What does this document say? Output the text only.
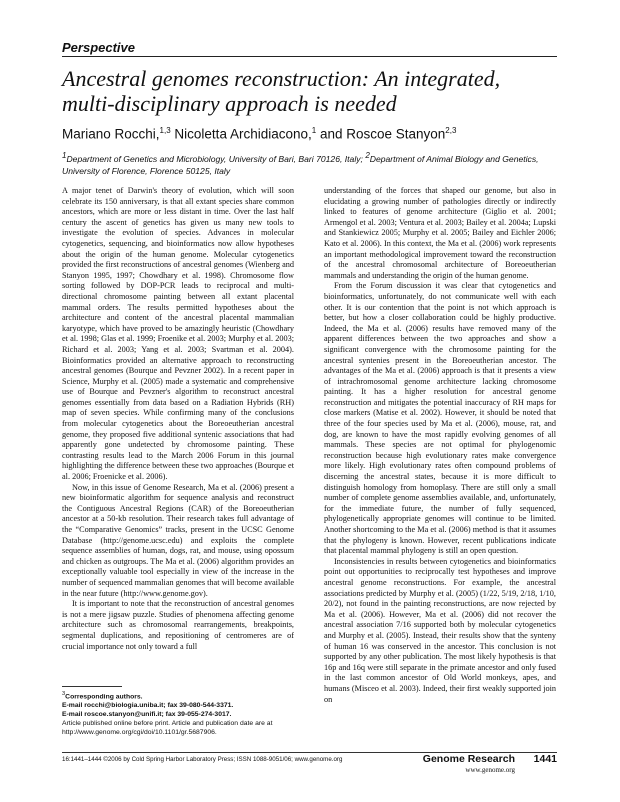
Perspective
Ancestral genomes reconstruction: An integrated, multi-disciplinary approach is needed
Mariano Rocchi,$^{1,3}$ Nicoletta Archidiacono,$^1$ and Roscoe Stanyon$^{2,3}$
$^1$Department of Genetics and Microbiology, University of Bari, Bari 70126, Italy; $^2$Department of Animal Biology and Genetics, University of Florence, Florence 50125, Italy

A major tenet of Darwin's theory of evolution, which will soon celebrate its 150 anniversary, is that all extant species share common ancestors, which are more or less distant in time. Over the last half century the ascent of genetics has given us many new tools to investigate the evolution of species. Advances in molecular cytogenetics, sequencing, and bioinformatics now allow hypotheses about the origin of the human genome. Molecular cytogenetics provided the first reconstructions of ancestral genomes (Wienberg and Stanyon 1995, 1997; Chowdhary et al. 1998). Chromosome flow sorting followed by DOP-PCR leads to reciprocal and multi-directional chromosome painting between all extant placental mammal orders. The results permitted hypotheses about the architecture and content of the ancestral placental mammalian karyotype, which have proved to be amazingly heuristic (Chowdhary et al. 1998; Glas et al. 1999; Froenike et al. 2003; Murphy et al. 2003; Richard et al. 2003; Yang et al. 2003; Svartman et al. 2004). Bioinformatics provided an alternative approach to reconstructing ancestral genomes (Bourque and Pevzner 2002). In a recent paper in Science, Murphy et al. (2005) made a systematic and comprehensive use of Bourque and Pevzner's algorithm to reconstruct ancestral genomes essentially from data based on a Radiation Hybrids (RH) map of seven species. While confirming many of the conclusions from molecular cytogenetics about the Boreoeutherian ancestral genome, they proposed five additional syntenic associations that had apparently gone undetected by chromosome painting. These contrasting results lead to the March 2006 Forum in this journal highlighting the difference between these two approaches (Bourque et al. 2006; Froenicke et al. 2006).

Now, in this issue of Genome Research, Ma et al. (2006) present a new bioinformatic algorithm for sequence analysis and reconstruct the Contiguous Ancestral Regions (CAR) of the Boreoeutherian ancestor at a 50-kb resolution. Their research takes full advantage of the “Comparative Genomics” tracks, present in the UCSC Genome Database (http://genome.ucsc.edu) and exploits the complete sequence assemblies of human, dogs, rat, and mouse, using opossum and chicken as outgroups. The Ma et al. (2006) algorithm provides an exceptionally valuable tool especially in view of the increase in the number of sequenced mammalian genomes that will become available in the near future (http://www.genome.gov).

It is important to note that the reconstruction of ancestral genomes is not a mere jigsaw puzzle. Studies of phenomena affecting genome architecture such as chromosomal rearrangements, breakpoints, segmental duplications, and repositioning of centromeres are of crucial importance not only toward a full

understanding of the forces that shaped our genome, but also in elucidating a growing number of pathologies directly or indirectly linked to features of genome architecture (Giglio et al. 2001; Armengol et al. 2003; Ventura et al. 2003; Bailey et al. 2004a; Lupski and Stankiewicz 2005; Murphy et al. 2005; Bailey and Eichler 2006; Kato et al. 2006). In this context, the Ma et al. (2006) work represents an important methodological improvement toward the reconstruction of the ancestral chromosomal architecture of Boreoeutherian mammals and understanding the origin of the human genome.

From the Forum discussion it was clear that cytogenetics and bioinformatics, unfortunately, do not communicate well with each other. It is our contention that the point is not which approach is better, but how a closer collaboration could be highly productive. Indeed, the Ma et al. (2006) results have removed many of the apparent differences between the two approaches and show a significant convergence with the chromosome painting for the ancestral syntenies present in the Boreoeutherian ancestor. The advantages of the Ma et al. (2006) approach is that it presents a view of intrachromosomal genome architecture lacking chromosome painting. It has a higher resolution for ancestral genome reconstruction and mitigates the potential inaccuracy of RH maps for close markers (Matise et al. 2002). However, it should be noted that three of the four species used by Ma et al. (2006), mouse, rat, and dog, are known to have the most rapidly evolving genomes of all mammals. These species are not optimal for phylogenomic reconstruction because high evolutionary rates make convergence more likely. High evolutionary rates often compound problems of discerning the ancestral states, because it is more difficult to distinguish homology from homoplasy. There are still only a small number of complete genome assemblies available, and, unfortunately, for the immediate future, the number of fully sequenced, phylogenetically appropriate genomes will continue to be limited. Another shortcoming to the Ma et al. (2006) method is that it assumes that the phylogeny is known. However, recent publications indicate that placental mammal phylogeny is still an open question.

Inconsistencies in results between cytogenetics and bioinformatics point out opportunities to reciprocally test hypotheses and improve ancestral genome reconstructions. For example, the ancestral associations predicted by Murphy et al. (2005) (1/22, 5/19, 2/18, 1/10, 20/2), not found in the painting reconstructions, are now rejected by Ma et al. (2006). However, Ma et al. (2006) did not recover the ancestral association 7/16 supported both by molecular cytogenetics and Murphy et al. (2005). Instead, their results show that the synteny of human 16 was conserved in the ancestor. This conclusion is not supported by any other publication. The most likely hypothesis is that 16p and 16q were still separate in the primate ancestor and only fused in the last common ancestor of Old World monkeys, apes, and humans (Misceo et al. 2003). Indeed, their first weakly supported join on

$^3$Corresponding authors.
E-mail rocchi@biologia.uniba.it; fax 39-080-544-3371.
E-mail roscoe.stanyon@unifi.it; fax 39-055-274-3017.
Article published online before print. Article and publication date are at http://www.genome.org/cgi/doi/10.1101/gr.5687906.
16:1441–1444 ©2006 by Cold Spring Harbor Laboratory Press; ISSN 1088-9051/06; www.genome.org	Genome Research 1441
www.genome.org
